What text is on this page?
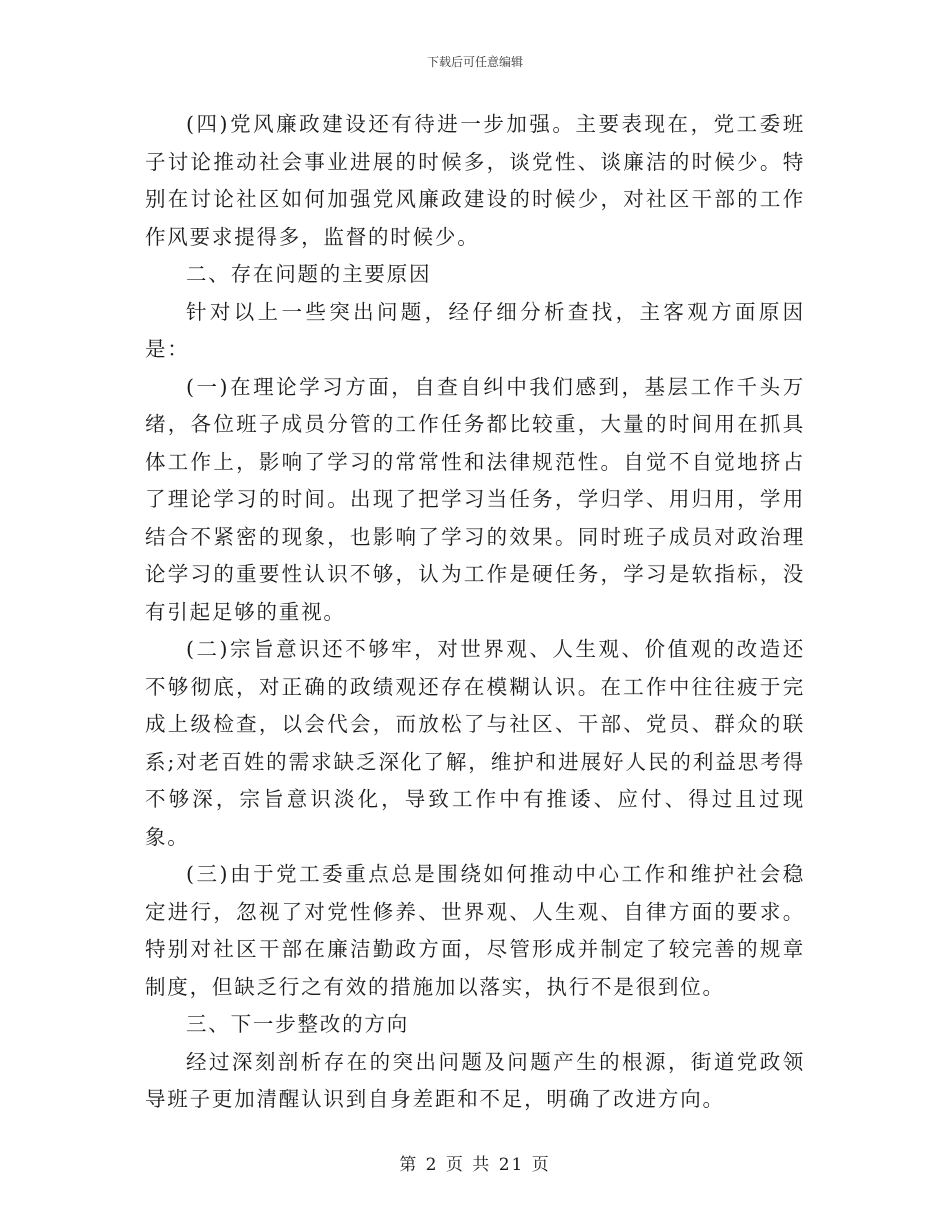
下载后可任意编辑

(四)党风廉政建设还有待进一步加强。主要表现在，党工委班子讨论推动社会事业进展的时候多，谈党性、谈廉洁的时候少。特别在讨论社区如何加强党风廉政建设的时候少，对社区干部的工作作风要求提得多，监督的时候少。

二、存在问题的主要原因

针对以上一些突出问题，经仔细分析查找，主客观方面原因是：

(一)在理论学习方面，自查自纠中我们感到，基层工作千头万绪，各位班子成员分管的工作任务都比较重，大量的时间用在抓具体工作上，影响了学习的常常性和法律规范性。自觉不自觉地挤占了理论学习的时间。出现了把学习当任务，学归学、用归用，学用结合不紧密的现象，也影响了学习的效果。同时班子成员对政治理论学习的重要性认识不够，认为工作是硬任务，学习是软指标，没有引起足够的重视。

(二)宗旨意识还不够牢，对世界观、人生观、价值观的改造还不够彻底，对正确的政绩观还存在模糊认识。在工作中往往疲于完成上级检查，以会代会，而放松了与社区、干部、党员、群众的联系;对老百姓的需求缺乏深化了解，维护和进展好人民的利益思考得不够深，宗旨意识淡化，导致工作中有推诿、应付、得过且过现象。

(三)由于党工委重点总是围绕如何推动中心工作和维护社会稳定进行，忽视了对党性修养、世界观、人生观、自律方面的要求。特别对社区干部在廉洁勤政方面，尽管形成并制定了较完善的规章制度，但缺乏行之有效的措施加以落实，执行不是很到位。

三、下一步整改的方向

经过深刻剖析存在的突出问题及问题产生的根源，街道党政领导班子更加清醒认识到自身差距和不足，明确了改进方向。

第 2 页 共 21 页
